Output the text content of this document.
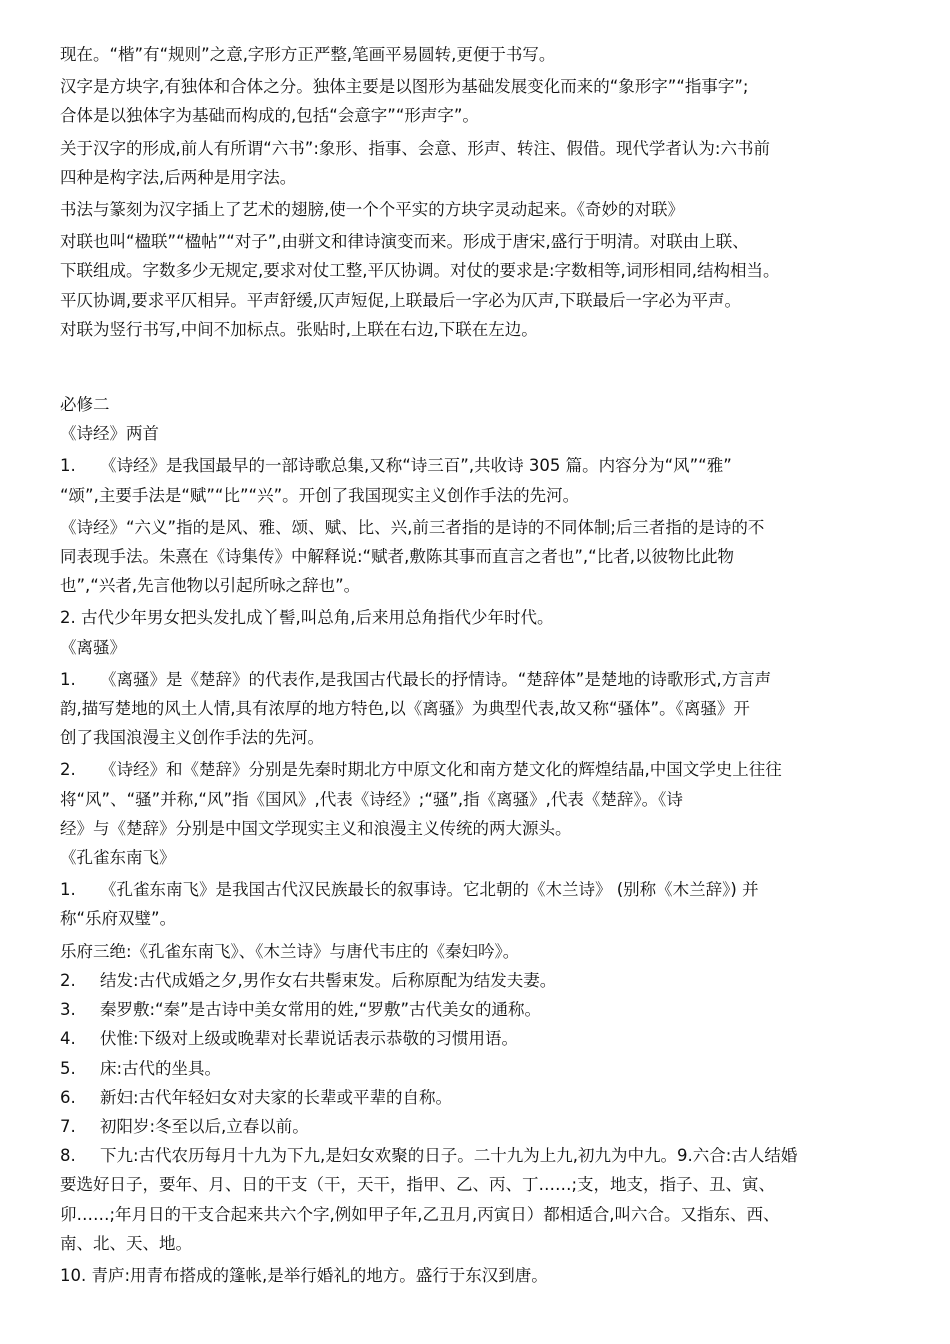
现在。“楷”有“规则”之意,字形方正严整,笔画平易圆转,更便于书写。

汉字是方块字,有独体和合体之分。独体主要是以图形为基础发展变化而来的“象形字”“指事字”;

合体是以独体字为基础而构成的,包括“会意字”“形声字”。

关于汉字的形成,前人有所谓“六书”:象形、指事、会意、形声、转注、假借。现代学者认为:六书前

四种是构字法,后两种是用字法。

书法与篆刻为汉字插上了艺术的翅膀,使一个个平实的方块字灵动起来。《奇妙的对联》

对联也叫“楹联”“楹帖”“对子”,由骈文和律诗演变而来。形成于唐宋,盛行于明清。对联由上联、

下联组成。字数多少无规定,要求对仗工整,平仄协调。对仗的要求是:字数相等,词形相同,结构相当。

平仄协调,要求平仄相异。平声舒缓,仄声短促,上联最后一字必为仄声,下联最后一字必为平声。

对联为竖行书写,中间不加标点。张贴时,上联在右边,下联在左边。

必修二

《诗经》两首

1. 《诗经》是我国最早的一部诗歌总集,又称“诗三百”,共收诗 305 篇。内容分为“风”“雅”

“颂”,主要手法是“赋”“比”“兴”。开创了我国现实主义创作手法的先河。

《诗经》“六义”指的是风、雅、颂、赋、比、兴,前三者指的是诗的不同体制;后三者指的是诗的不

同表现手法。朱熹在《诗集传》中解释说:“赋者,敷陈其事而直言之者也”,“比者,以彼物比此物

也”,“兴者,先言他物以引起所咏之辞也”。

2. 古代少年男女把头发扎成丫髻,叫总角,后来用总角指代少年时代。

《离骚》

1. 《离骚》是《楚辞》的代表作,是我国古代最长的抒情诗。“楚辞体”是楚地的诗歌形式,方言声

韵,描写楚地的风土人情,具有浓厚的地方特色,以《离骚》为典型代表,故又称“骚体”。《离骚》开

创了我国浪漫主义创作手法的先河。

2. 《诗经》和《楚辞》分别是先秦时期北方中原文化和南方楚文化的辉煌结晶,中国文学史上往往

将“风”、“骚”并称,“风”指《国风》,代表《诗经》;“骚”,指《离骚》,代表《楚辞》。《诗

经》与《楚辞》分别是中国文学现实主义和浪漫主义传统的两大源头。

《孔雀东南飞》

1. 《孔雀东南飞》是我国古代汉民族最长的叙事诗。它北朝的《木兰诗》 (别称《木兰辞》) 并

称“乐府双璧”。

乐府三绝:《孔雀东南飞》、《木兰诗》与唐代韦庄的《秦妇吟》。

2. 结发:古代成婚之夕,男作女右共髻束发。后称原配为结发夫妻。

3. 秦罗敷:“秦”是古诗中美女常用的姓,“罗敷”古代美女的通称。

4. 伏惟:下级对上级或晚辈对长辈说话表示恭敬的习惯用语。

5. 床:古代的坐具。

6. 新妇:古代年轻妇女对夫家的长辈或平辈的自称。

7. 初阳岁:冬至以后,立春以前。

8. 下九:古代农历每月十九为下九,是妇女欢聚的日子。二十九为上九,初九为中九。9.六合:古人结婚

要选好日子，要年、月、日的干支（干，天干，指甲、乙、丙、丁……;支，地支，指子、丑、寅、

卯……;年月日的干支合起来共六个字,例如甲子年,乙丑月,丙寅日）都相适合,叫六合。又指东、西、

南、北、天、地。

10. 青庐:用青布搭成的篷帐,是举行婚礼的地方。盛行于东汉到唐。
